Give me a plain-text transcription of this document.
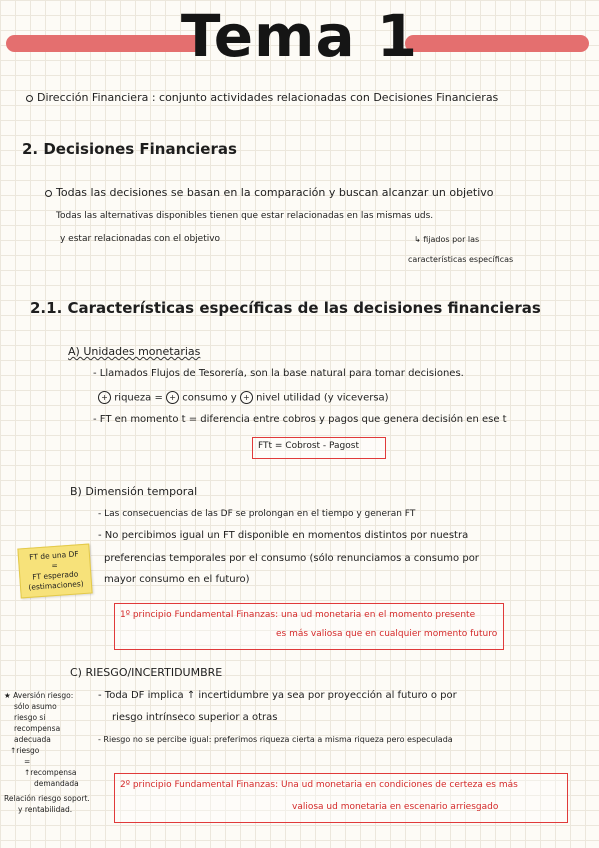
Tema 1
Dirección Financiera : conjunto actividades relacionadas con Decisiones Financieras
2. Decisiones Financieras
Todas las decisiones se basan en la comparación y buscan alcanzar un objetivo
Todas las alternativas disponibles tienen que estar relacionadas en las mismas uds.
y estar relacionadas con el objetivo	↳ fijados por las
características específicas
2.1. Características específicas de las decisiones financieras
A) Unidades monetarias
- Llamados Flujos de Tesorería, son la base natural para tomar decisiones.
+ riqueza = + consumo y + nivel utilidad (y viceversa)
- FT en momento t = diferencia entre cobros y pagos que genera decisión en ese t
FTt = Cobrost - Pagost
B) Dimensión temporal
- Las consecuencias de las DF se prolongan en el tiempo y generan FT
- No percibimos igual un FT disponible en momentos distintos por nuestra
preferencias temporales por el consumo (sólo renunciamos a consumo por
mayor consumo en el futuro)
1º principio Fundamental Finanzas: una ud monetaria en el momento presente
es más valiosa que en cualquier momento futuro
C) RIESGO/INCERTIDUMBRE
- Toda DF implica ↑ incertidumbre ya sea por proyección al futuro o por
riesgo intrínseco superior a otras
- Riesgo no se percibe igual: preferimos riqueza cierta a misma riqueza pero especulada
2º principio Fundamental Finanzas: Una ud monetaria en condiciones de certeza es más
valiosa ud monetaria en escenario arriesgado
FT de una DF
=
FT esperado
(estimaciones)
★ Aversión riesgo:
sólo asumo
riesgo si
recompensa
adecuada
↑riesgo
=
↑recompensa
demandada
Relación riesgo soport.
y rentabilidad.
